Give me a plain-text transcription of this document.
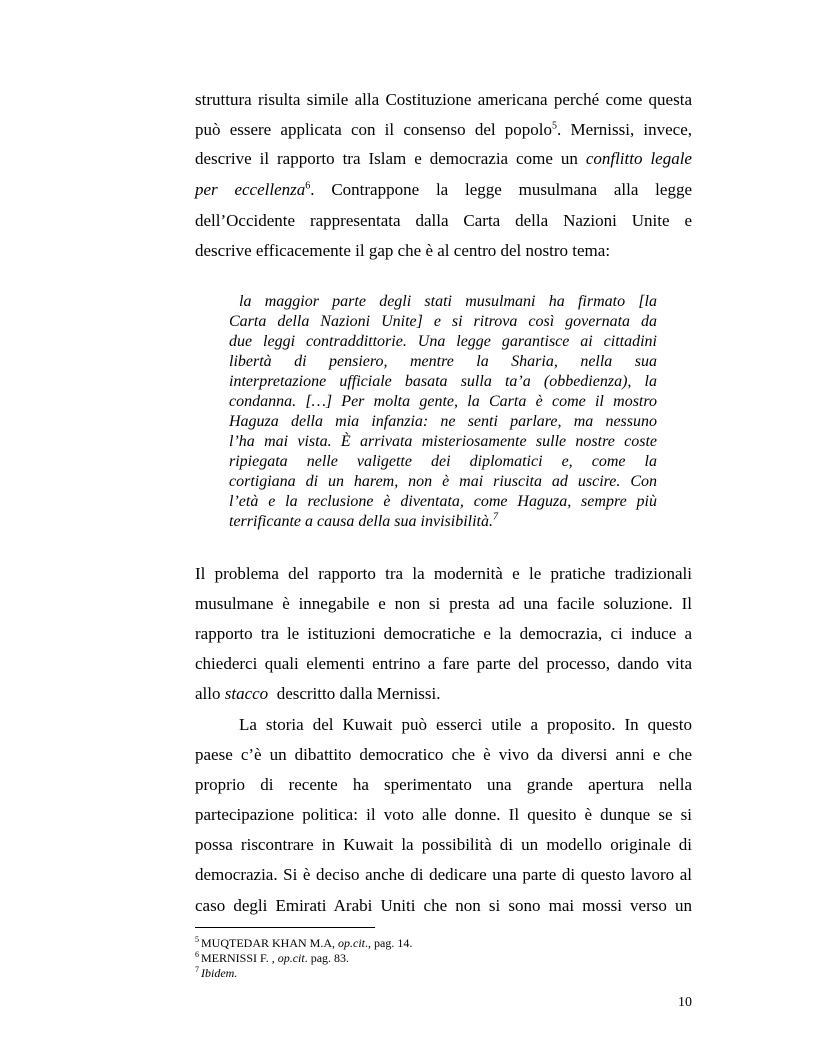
struttura risulta simile alla Costituzione americana perché come questa
può essere applicata con il consenso del popolo$^5$. Mernissi, invece,
descrive il rapporto tra Islam e democrazia come un conflitto legale
per eccellenza$^6$. Contrappone la legge musulmana alla legge
dell’Occidente rappresentata dalla Carta della Nazioni Unite e
descrive efficacemente il gap che è al centro del nostro tema:
la maggior parte degli stati musulmani ha firmato [la
Carta della Nazioni Unite] e si ritrova così governata da
due leggi contraddittorie. Una legge garantisce ai cittadini
libertà di pensiero, mentre la Sharia, nella sua
interpretazione ufficiale basata sulla ta’a (obbedienza), la
condanna. […] Per molta gente, la Carta è come il mostro
Haguza della mia infanzia: ne senti parlare, ma nessuno
l’ha mai vista. È arrivata misteriosamente sulle nostre coste
ripiegata nelle valigette dei diplomatici e, come la
cortigiana di un harem, non è mai riuscita ad uscire. Con
l’età e la reclusione è diventata, come Haguza, sempre più
terrificante a causa della sua invisibilità.$^7$
Il problema del rapporto tra la modernità e le pratiche tradizionali
musulmane è innegabile e non si presta ad una facile soluzione. Il
rapporto tra le istituzioni democratiche e la democrazia, ci induce a
chiederci quali elementi entrino a fare parte del processo, dando vita
allo stacco  descritto dalla Mernissi.
La storia del Kuwait può esserci utile a proposito. In questo
paese c’è un dibattito democratico che è vivo da diversi anni e che
proprio di recente ha sperimentato una grande apertura nella
partecipazione politica: il voto alle donne. Il quesito è dunque se si
possa riscontrare in Kuwait la possibilità di un modello originale di
democrazia. Si è deciso anche di dedicare una parte di questo lavoro al
caso degli Emirati Arabi Uniti che non si sono mai mossi verso un
$^5$ MUQTEDAR KHAN M.A, op.cit., pag. 14.
$^6$ MERNISSI F. , op.cit. pag. 83.
$^7$ Ibidem.
10
